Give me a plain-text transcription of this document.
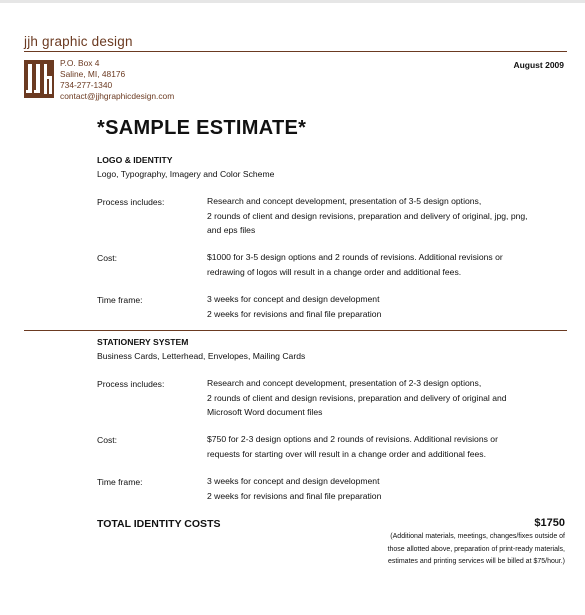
jjh graphic design
P.O. Box 4
Saline, MI, 48176
734-277-1340
contact@jjhgraphicdesign.com
August 2009
*SAMPLE ESTIMATE*
LOGO & IDENTITY
Logo, Typography, Imagery and Color Scheme
Process includes:	Research and concept development, presentation of 3-5 design options,
2 rounds of client and design revisions, preparation and delivery of original, jpg, png,
and eps files
Cost:	$1000 for 3-5 design options and 2 rounds of revisions. Additional revisions or
redrawing of logos will result in a change order and additional fees.
Time frame:	3 weeks for concept and design development
2 weeks for revisions and final file preparation
STATIONERY SYSTEM
Business Cards, Letterhead, Envelopes, Mailing Cards
Process includes:	Research and concept development, presentation of 2-3 design options,
2 rounds of client and design revisions, preparation and delivery of original and
Microsoft Word document files
Cost:	$750 for 2-3 design options and 2 rounds of revisions. Additional revisions or
requests for starting over will result in a change order and additional fees.
Time frame:	3 weeks for concept and design development
2 weeks for revisions and final file preparation
TOTAL IDENTITY COSTS	$1750
(Additional materials, meetings, changes/fixes outside of
those allotted above, preparation of print-ready materials,
estimates and printing services will be billed at $75/hour.)
